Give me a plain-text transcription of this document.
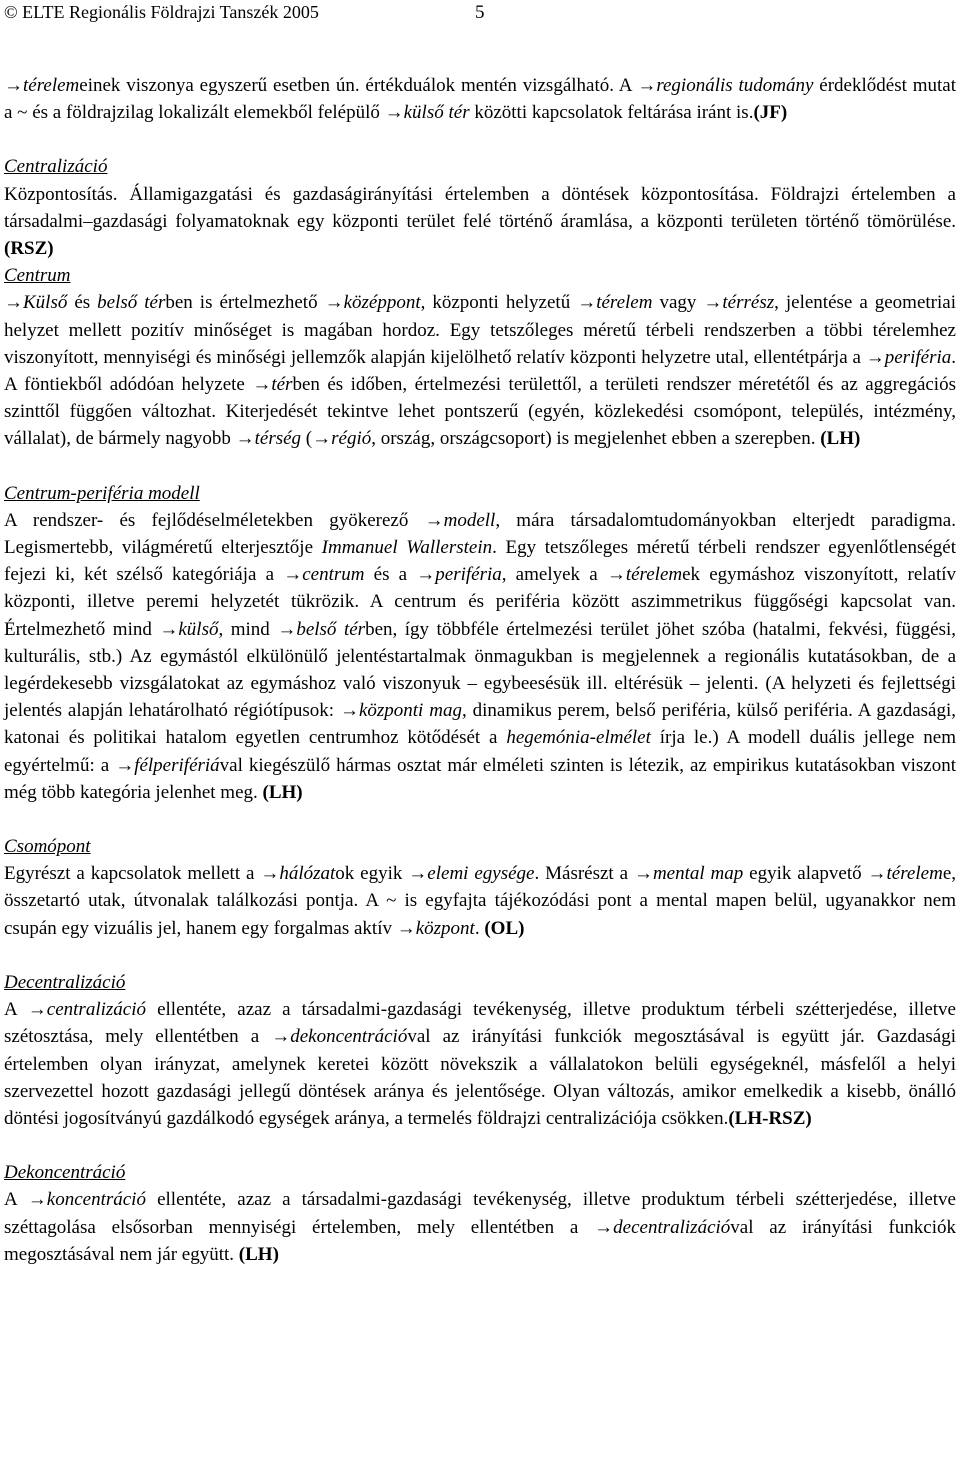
© ELTE Regionális Földrajzi Tanszék 2005	5
→térelemeinek viszonya egyszerű esetben ún. értékduálok mentén vizsgálható. A →regionális tudomány érdeklődést mutat a ~ és a földrajzilag lokalizált elemekből felépülő →külső tér közötti kapcsolatok feltárása iránt is.(JF)
Centralizáció
Központosítás. Államigazgatási és gazdaságirányítási értelemben a döntések központosítása. Földrajzi értelemben a társadalmi–gazdasági folyamatoknak egy központi terület felé történő áramlása, a központi területen történő tömörülése. (RSZ)
Centrum
→Külső és belső térben is értelmezhető →középpont, központi helyzetű →térelem vagy →térrész, jelentése a geometriai helyzet mellett pozitív minőséget is magában hordoz. Egy tetszőleges méretű térbeli rendszerben a többi térelemhez viszonyított, mennyiségi és minőségi jellemzők alapján kijelölhető relatív központi helyzetre utal, ellentétpárja a →periféria. A föntiekből adódóan helyzete →térben és időben, értelmezési területtől, a területi rendszer méretétől és az aggregációs szinttől függően változhat. Kiterjedését tekintve lehet pontszerű (egyén, közlekedési csomópont, település, intézmény, vállalat), de bármely nagyobb →térség (→régió, ország, országcsoport) is megjelenhet ebben a szerepben. (LH)
Centrum-periféria modell
A rendszer- és fejlődéselméletekben gyökerező →modell, mára társadalomtudományokban elterjedt paradigma. Legismertebb, világméretű elterjesztője Immanuel Wallerstein. Egy tetszőleges méretű térbeli rendszer egyenlőtlenségét fejezi ki, két szélső kategóriája a →centrum és a →periféria, amelyek a →térelemek egymáshoz viszonyított, relatív központi, illetve peremi helyzetét tükrözik. A centrum és periféria között aszimmetrikus függőségi kapcsolat van. Értelmezhető mind →külső, mind →belső térben, így többféle értelmezési terület jöhet szóba (hatalmi, fekvési, függési, kulturális, stb.) Az egymástól elkülönülő jelentéstartalmak önmagukban is megjelennek a regionális kutatásokban, de a legérdekesebb vizsgálatokat az egymáshoz való viszonyuk – egybeesésük ill. eltérésük – jelenti. (A helyzeti és fejlettségi jelentés alapján lehatárolható régiótípusok: →központi mag, dinamikus perem, belső periféria, külső periféria. A gazdasági, katonai és politikai hatalom egyetlen centrumhoz kötődését a hegemónia-elmélet írja le.) A modell duális jellege nem egyértelmű: a →félperifériával kiegészülő hármas osztat már elméleti szinten is létezik, az empirikus kutatásokban viszont még több kategória jelenhet meg. (LH)
Csomópont
Egyrészt a kapcsolatok mellett a →hálózatok egyik →elemi egysége. Másrészt a →mental map egyik alapvető →téreleme, összetartó utak, útvonalak találkozási pontja. A ~ is egyfajta tájékozódási pont a mental mapen belül, ugyanakkor nem csupán egy vizuális jel, hanem egy forgalmas aktív →központ. (OL)
Decentralizáció
A →centralizáció ellentéte, azaz a társadalmi-gazdasági tevékenység, illetve produktum térbeli szétterjedése, illetve szétosztása, mely ellentétben a →dekoncentrációval az irányítási funkciók megosztásával is együtt jár. Gazdasági értelemben olyan irányzat, amelynek keretei között növekszik a vállalatokon belüli egységeknél, másfelől a helyi szervezettel hozott gazdasági jellegű döntések aránya és jelentősége. Olyan változás, amikor emelkedik a kisebb, önálló döntési jogosítványú gazdálkodó egységek aránya, a termelés földrajzi centralizációja csökken.(LH-RSZ)
Dekoncentráció
A →koncentráció ellentéte, azaz a társadalmi-gazdasági tevékenység, illetve produktum térbeli szétterjedése, illetve széttagolása elsősorban mennyiségi értelemben, mely ellentétben a →decentralizációval az irányítási funkciók megosztásával nem jár együtt. (LH)
